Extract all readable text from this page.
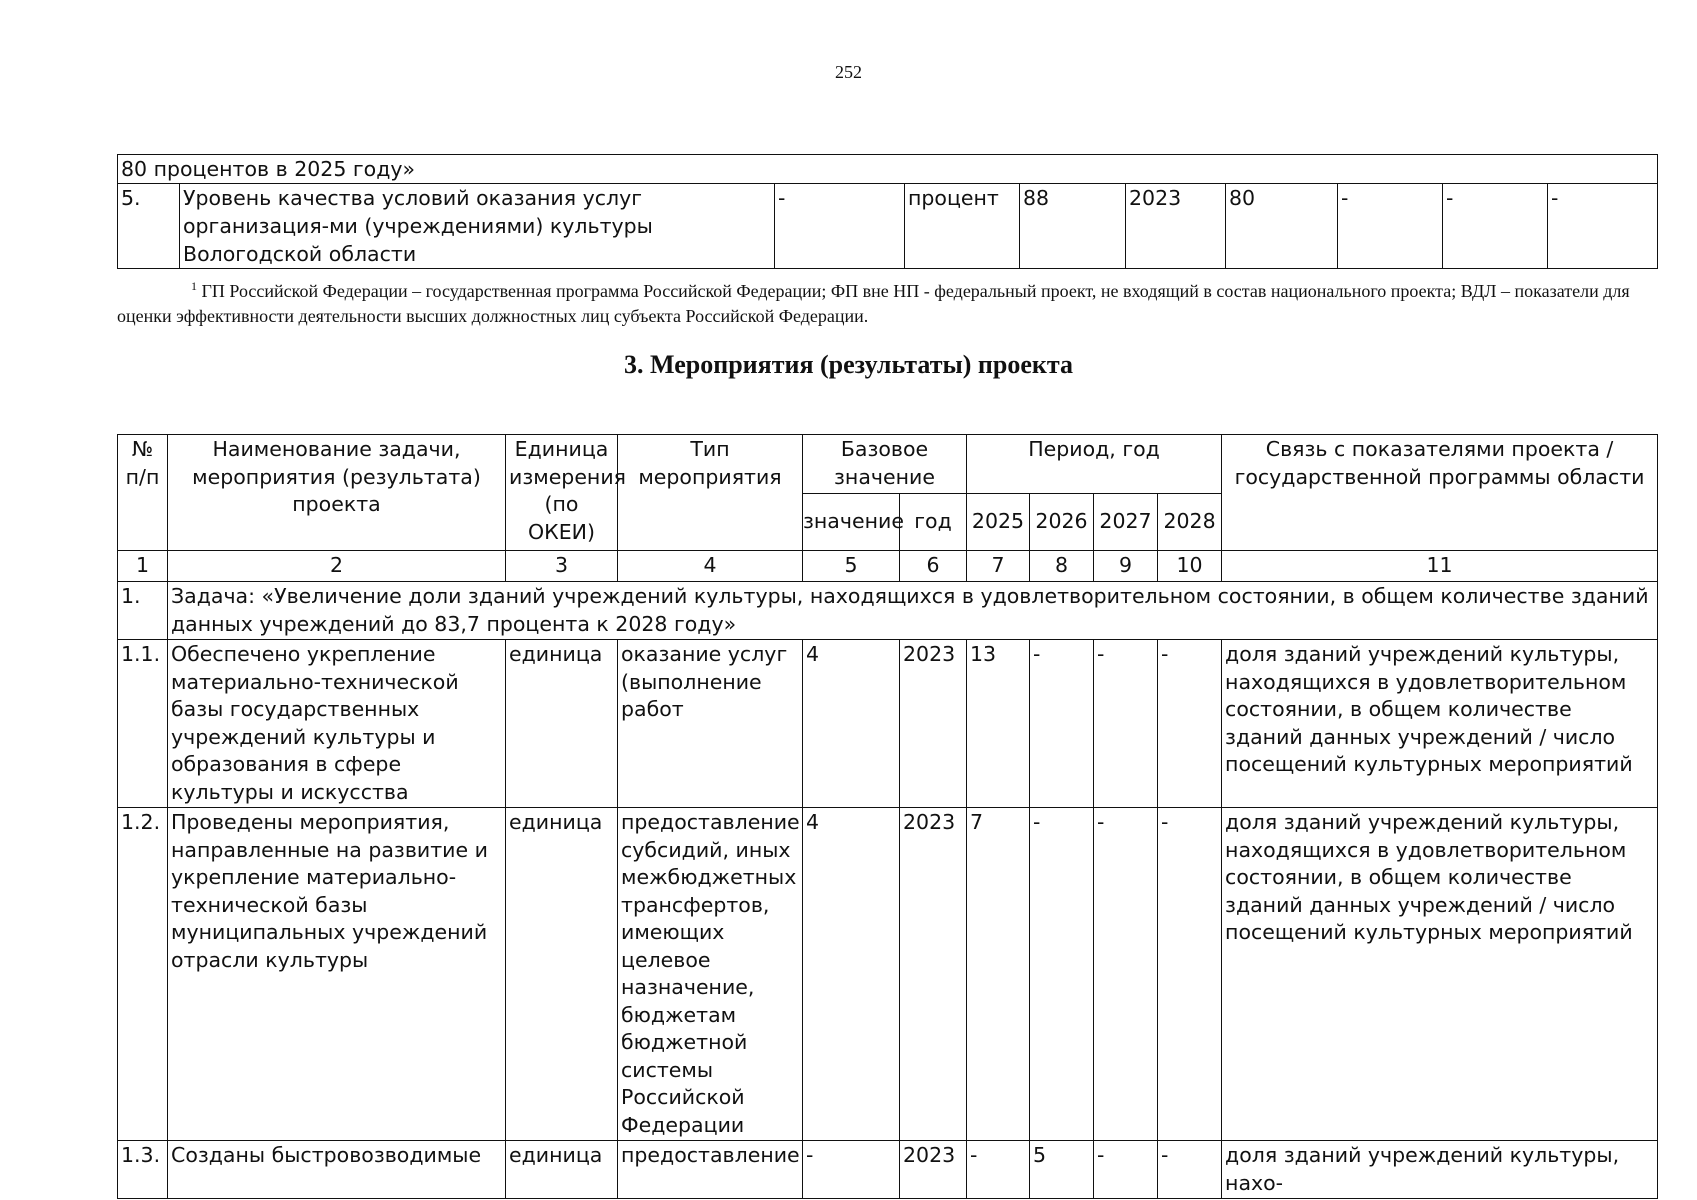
252
80 процентов в 2025 году»
5.	Уровень качества условий оказания услуг организация-ми (учреждениями) культуры Вологодской области	-	процент	88	2023	80	-	-	-
$^1$ ГП Российской Федерации – государственная программа Российской Федерации; ФП вне НП - федеральный проект, не входящий в состав национального проекта; ВДЛ – показатели для оценки эффективности деятельности высших должностных лиц субъекта Российской Федерации.
3. Мероприятия (результаты) проекта
№ п/п	Наименование задачи, мероприятия (результата) проекта	Единица измерения (по ОКЕИ)	Тип мероприятия	Базовое значение		Период, год				Связь с показателями проекта /государственной программы области
				значение	год	2025	2026	2027	2028	
1	2	3	4	5	6	7	8	9	10	11
1.	Задача: «Увеличение доли зданий учреждений культуры, находящихся в удовлетворительном состоянии, в общем количестве зданий данных учреждений до 83,7 процента к 2028 году»									
1.1.	Обеспечено укрепление материально-технической базы государственных учреждений культуры и образования в сфере культуры и искусства	единица	оказание услуг (выполнение работ	4	2023	13	-	-	-	доля зданий учреждений культуры, находящихся в удовлетворительном состоянии, в общем количестве зданий данных учреждений / число посещений культурных мероприятий
1.2.	Проведены мероприятия, направленные на развитие и укрепление материально-технической базы муниципальных учреждений отрасли культуры	единица	предоставление субсидий, иных межбюджетных трансфертов, имеющих целевое назначение, бюджетам бюджетной системы Российской Федерации	4	2023	7	-	-	-	доля зданий учреждений культуры, находящихся в удовлетворительном состоянии, в общем количестве зданий данных учреждений / число посещений культурных мероприятий
1.3.	Созданы быстровозводимые	единица	предоставление	-	2023	-	5	-	-	доля зданий учреждений культуры, нахо-
